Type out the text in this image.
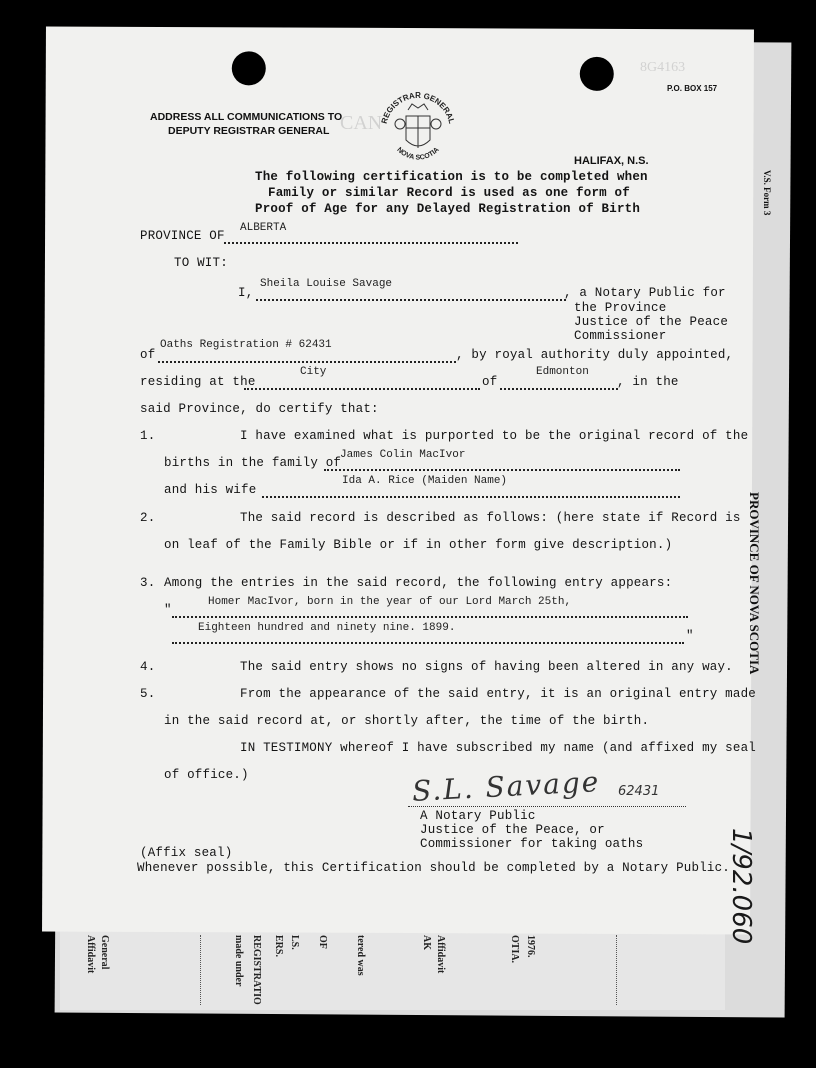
CAN
8G4163
ADDRESS ALL COMMUNICATIONS TO
DEPUTY REGISTRAR GENERAL
REGISTRAR GENERAL
NOVA SCOTIA
P.O. BOX 157
HALIFAX, N.S.
The following certification is to be completed when
Family or similar Record is used as one form of
Proof of Age for any Delayed Registration of Birth
PROVINCE OF
ALBERTA
TO WIT:
I,
Sheila Louise Savage
, a Notary Public for
the Province
Justice of the Peace
Commissioner
of
Oaths Registration # 62431
, by royal authority duly appointed,
residing at the
City
of
Edmonton
, in the
said Province, do certify that:
1.	I have examined what is purported to be the original record of the
births in the family of
James Colin MacIvor
and his wife
Ida A. Rice (Maiden Name)
2.	The said record is described as follows: (here state if Record is
on leaf of the Family Bible or if in other form give description.)
3. Among the entries in the said record, the following entry appears:
"
Homer MacIvor, born in the year of our Lord March 25th,
Eighteen hundred and ninety nine. 1899.
"
4.	The said entry shows no signs of having been altered in any way.
5.	From the appearance of the said entry, it is an original entry made
in the said record at, or shortly after, the time of the birth.
IN TESTIMONY whereof I have subscribed my name (and affixed my seal
of office.)	S.L. Savage 62431
A Notary Public
Justice of the Peace, or
Commissioner for taking oaths
(Affix seal)
Whenever possible, this Certification should be completed by a Notary Public.
V.S. Form 3
PROVINCE OF NOVA SCOTIA
1/92.060
Affidavit General	made under REGISTRATIO ERS. LS. OF	tered was	AK Affidavit	OTIA. 1976.
